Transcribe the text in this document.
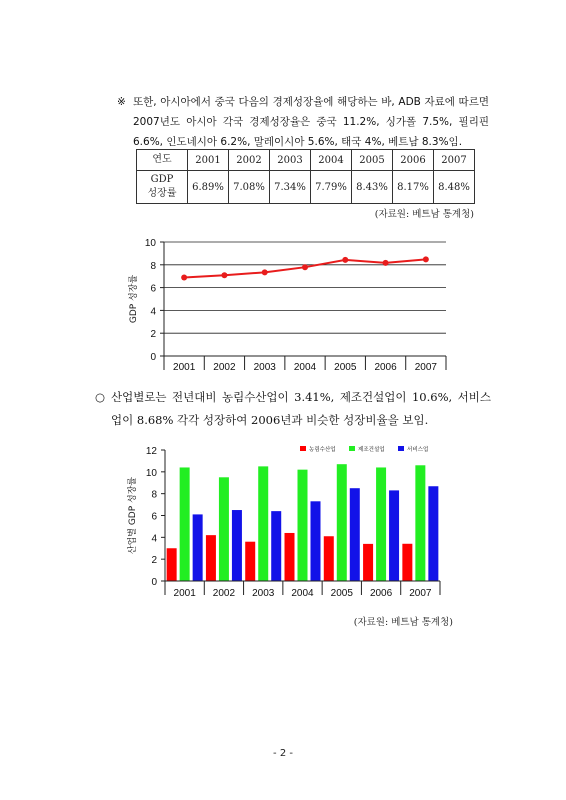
※ 또한, 아시아에서 중국 다음의 경제성장율에 해당하는 바, ADB 자료에 따르면 2007년도 아시아 각국 경제성장율은 중국 11.2%, 싱가폴 7.5%, 필리핀 6.6%, 인도네시아 6.2%, 말레이시아 5.6%, 태국 4%, 베트남 8.3%임.
연도	2001	2002	2003	2004	2005	2006	2007

GDP
성장률	6.89%	7.08%	7.34%	7.79%	8.43%	8.17%	8.48%
(자료원: 베트남 통계청)
0
2
4
6
8
10
2001 2002 2003 2004 2005 2006 2007
GDP 성장률
○ 산업별로는 전년대비 농림수산업이 3.41%, 제조건설업이 10.6%, 서비스업이 8.68% 각각 성장하여 2006년과 비슷한 성장비율을 보임.
0
2
4
6
8
10
12
2001 2002 2003 2004 2005 2006 2007
산업별 GDP 성장률
농림수산업	제조건설업	서비스업
(자료원: 베트남 통계청)
- 2 -
